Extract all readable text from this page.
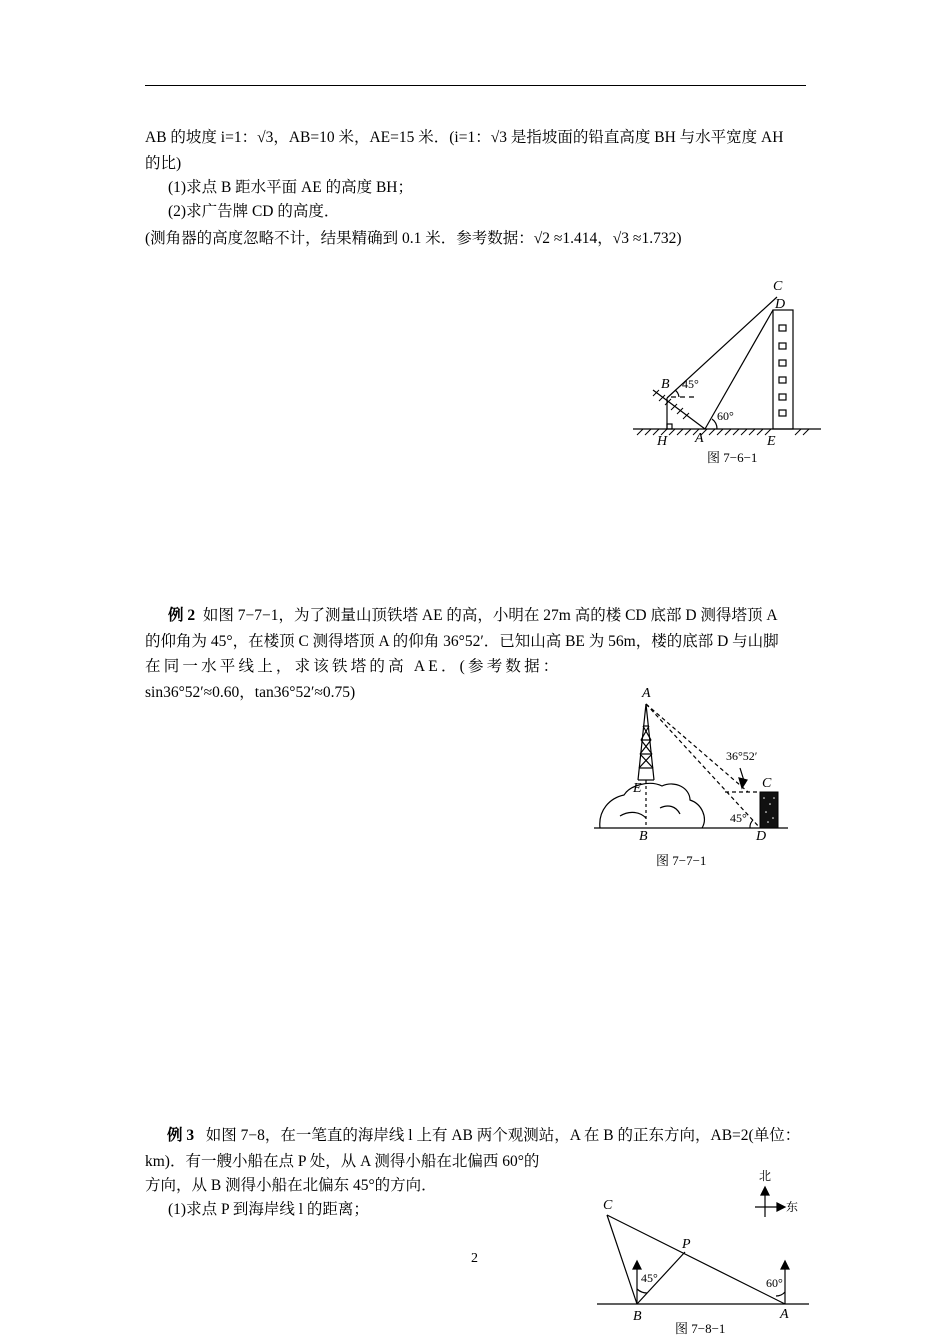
AB 的坡度 i=1：√3，AB=10 米，AE=15 米．(i=1：√3 是指坡面的铅直高度 BH 与水平宽度 AH
的比)
(1)求点 B 距水平面 AE 的高度 BH；
(2)求广告牌 CD 的高度．
(测角器的高度忽略不计，结果精确到 0.1 米．参考数据：√2 ≈1.414，√3 ≈1.732)
C
D
B
H A	E
45°
60°
图 7−6−1
例 2 如图 7−7−1，为了测量山顶铁塔 AE 的高，小明在 27m 高的楼 CD 底部 D 测得塔顶 A
的仰角为 45°，在楼顶 C 测得塔顶 A 的仰角 36°52′．已知山高 BE 为 56m，楼的底部 D 与山脚
在同一水平线上，求该铁塔的高 AE．(参考数据：
sin36°52′≈0.60，tan36°52′≈0.75)	A
E
B
C
D
36°52′
45°
图 7−7−1
例 3 如图 7−8，在一笔直的海岸线 l 上有 AB 两个观测站，A 在 B 的正东方向，AB=2(单位：
km)．有一艘小船在点 P 处，从 A 测得小船在北偏西 60°的
方向，从 B 测得小船在北偏东 45°的方向．
(1)求点 P 到海岸线 l 的距离；
2
北
东
45°	60°
C
P
B	A
图 7−8−1
